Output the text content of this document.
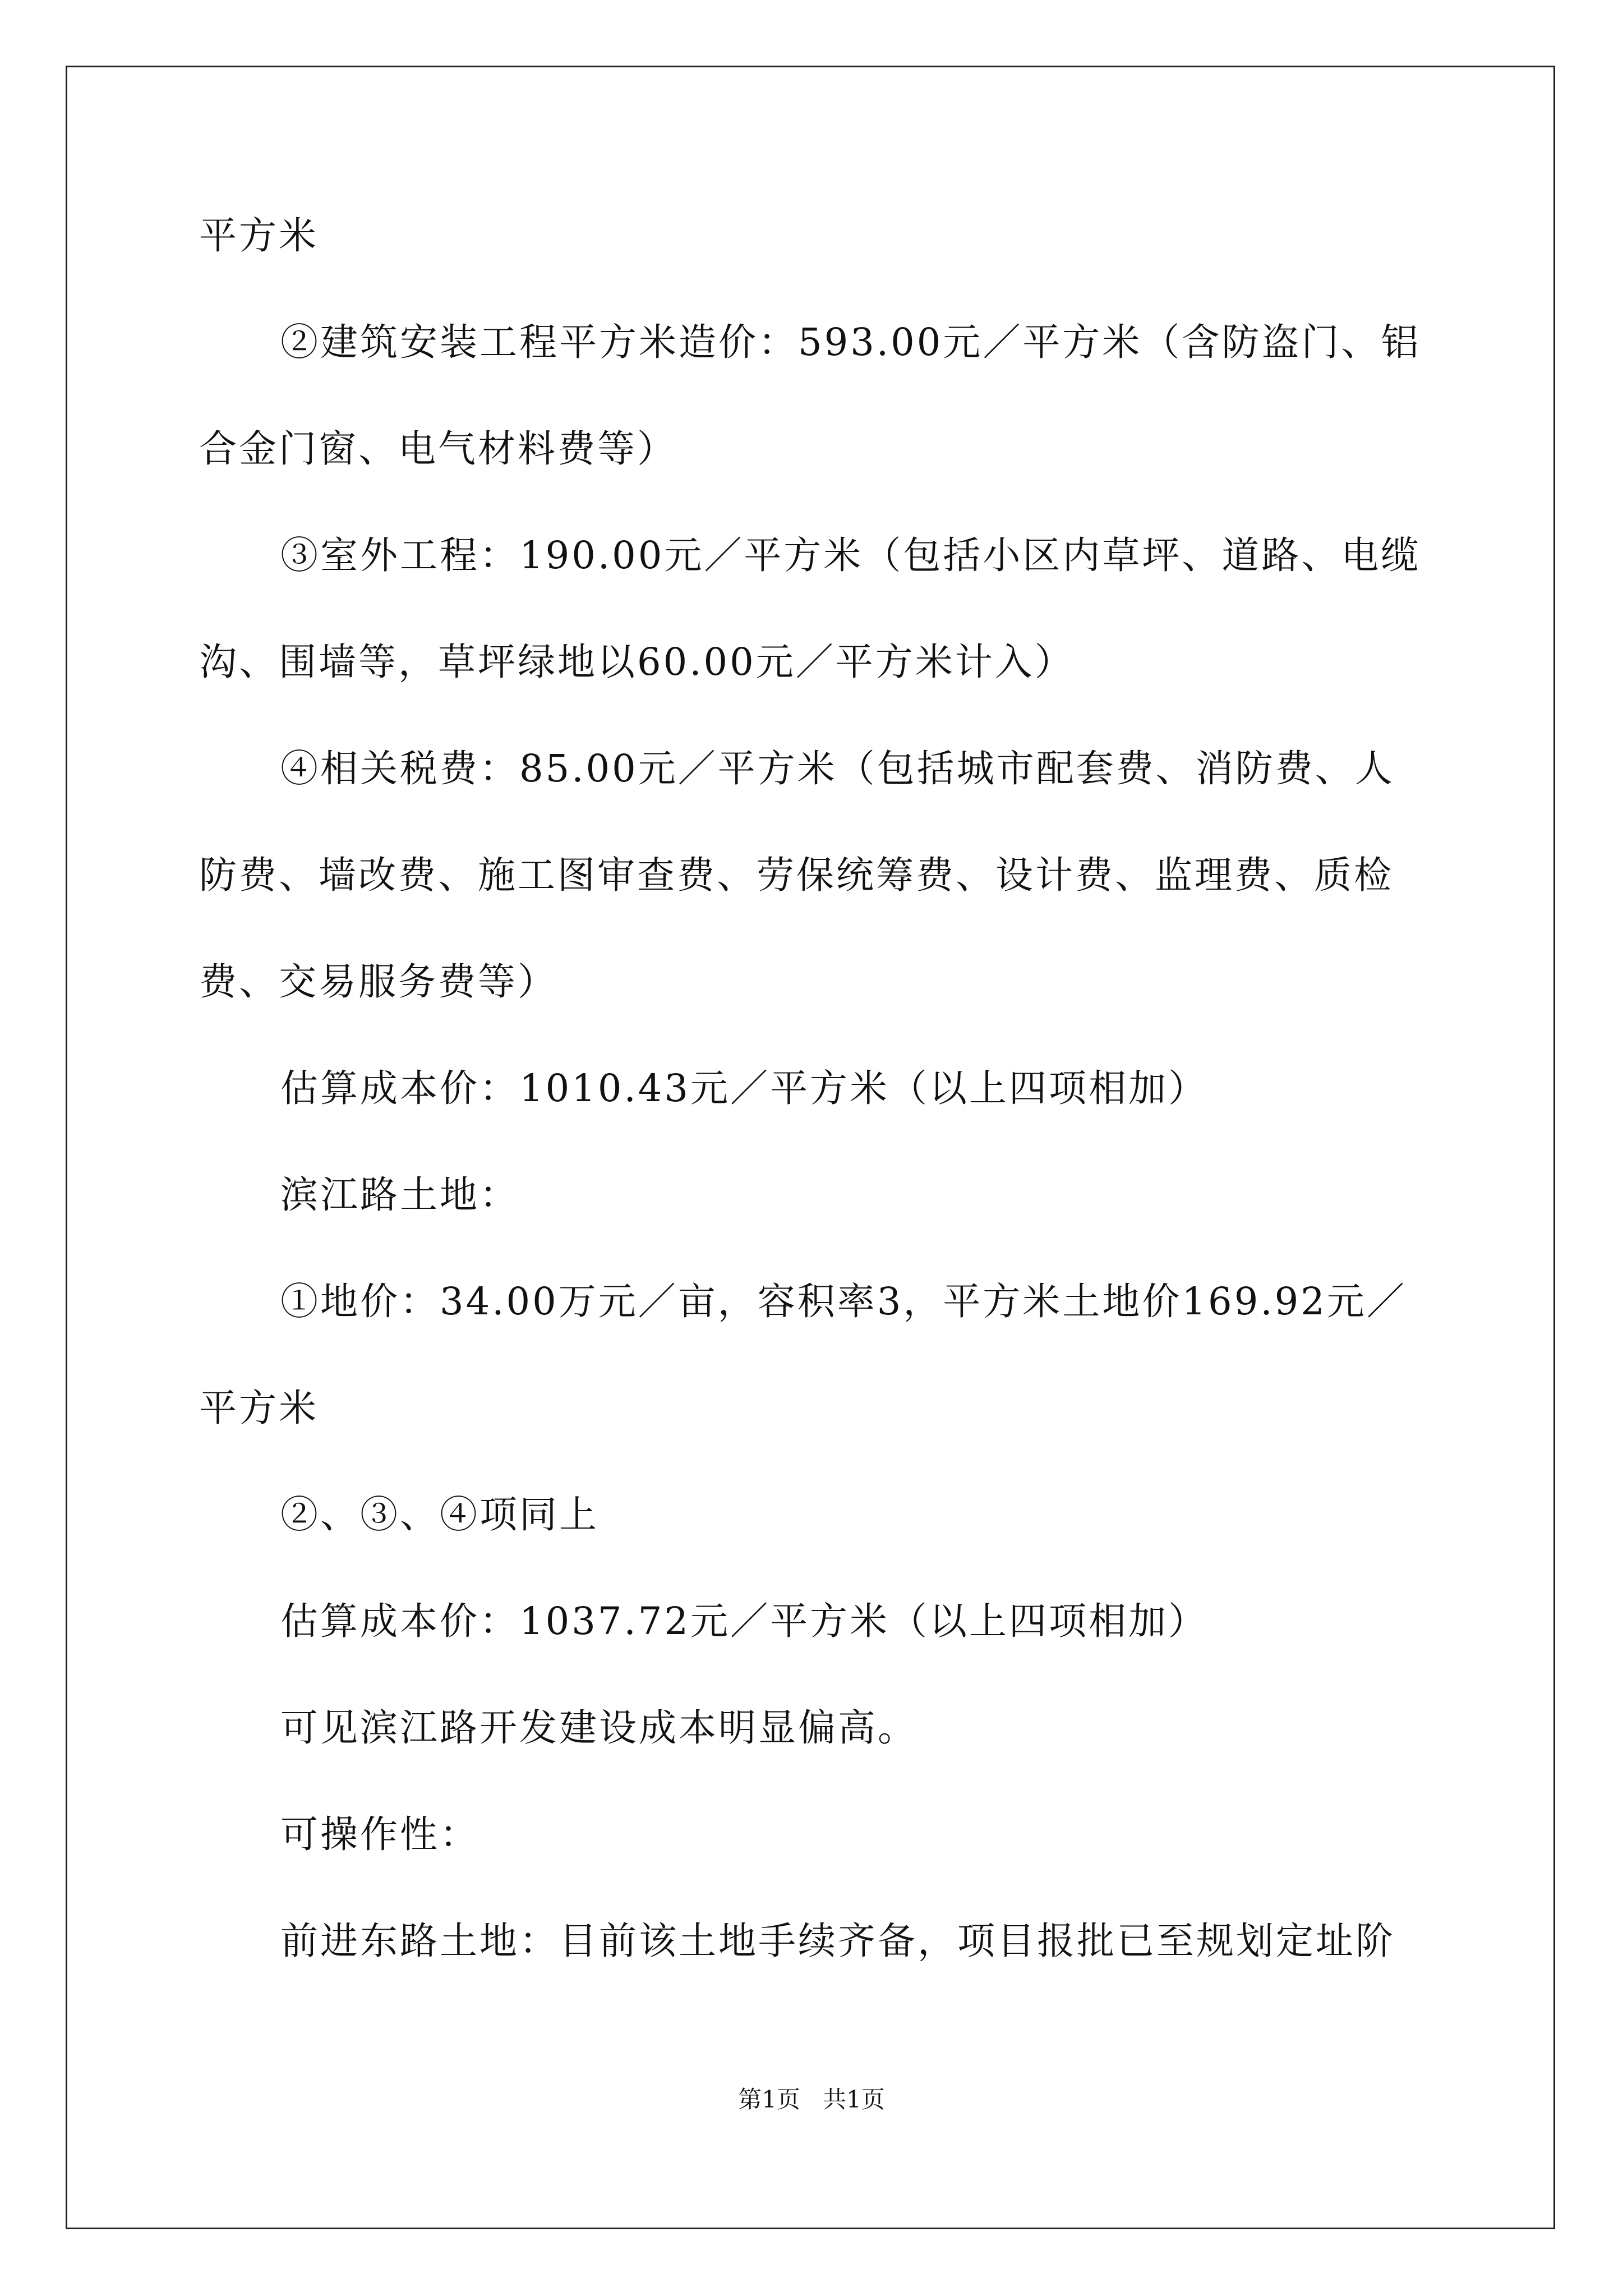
平方米
②建筑安装工程平方米造价：593.00元／平方米（含防盗门、铝
合金门窗、电气材料费等）
③室外工程：190.00元／平方米（包括小区内草坪、道路、电缆
沟、围墙等，草坪绿地以60.00元／平方米计入）
④相关税费：85.00元／平方米（包括城市配套费、消防费、人
防费、墙改费、施工图审查费、劳保统筹费、设计费、监理费、质检
费、交易服务费等）
估算成本价：1010.43元／平方米（以上四项相加）
滨江路土地：
①地价：34.00万元／亩，容积率3，平方米土地价169.92元／
平方米
②、③、④项同上
估算成本价：1037.72元／平方米（以上四项相加）
可见滨江路开发建设成本明显偏高。
可操作性：
前进东路土地：目前该土地手续齐备，项目报批已至规划定址阶
第1页   共1页
